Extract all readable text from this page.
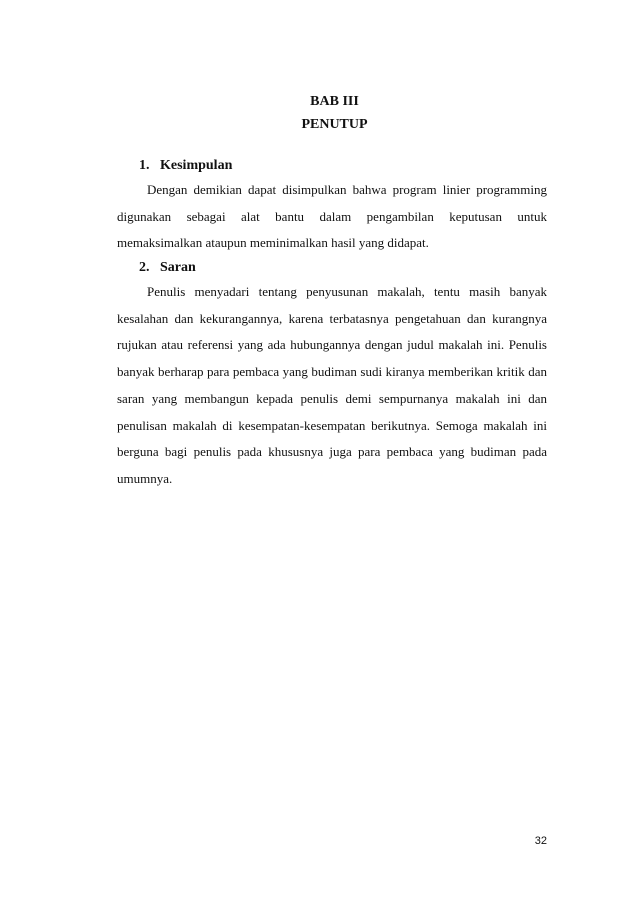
BAB III
PENUTUP
1. Kesimpulan

Dengan demikian dapat disimpulkan bahwa program linier programming digunakan sebagai alat bantu dalam pengambilan keputusan untuk memaksimalkan ataupun meminimalkan hasil yang didapat.

2. Saran

Penulis menyadari tentang penyusunan makalah, tentu masih banyak kesalahan dan kekurangannya, karena terbatasnya pengetahuan dan kurangnya rujukan atau referensi yang ada hubungannya dengan judul makalah ini. Penulis banyak berharap para pembaca yang budiman sudi kiranya memberikan kritik dan saran yang membangun kepada penulis demi sempurnanya makalah ini dan penulisan makalah di kesempatan-kesempatan berikutnya. Semoga makalah ini berguna bagi penulis pada khususnya juga para pembaca yang budiman pada umumnya.

32
